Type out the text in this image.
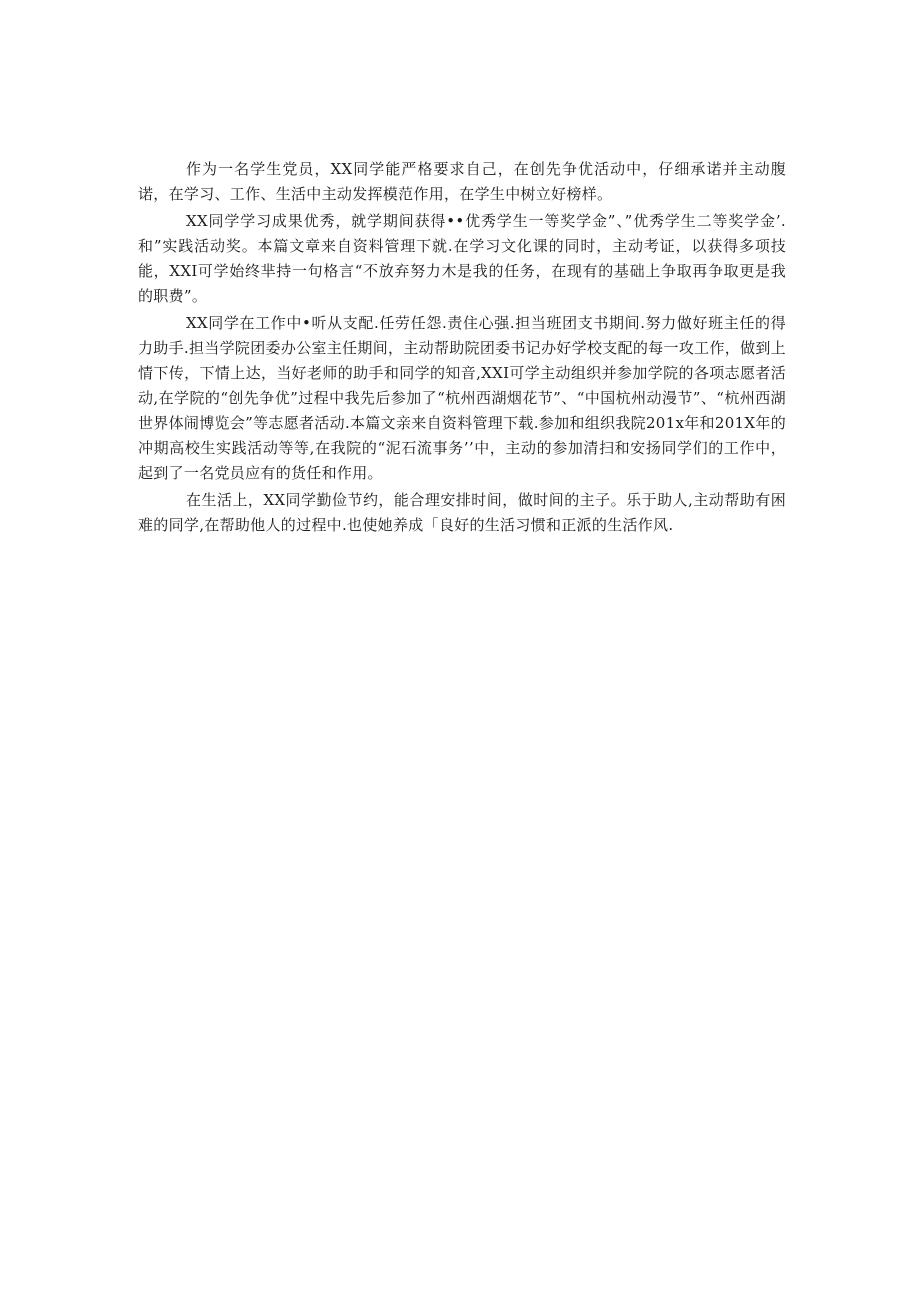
作为一名学生党员，XX同学能严格要求自己，在创先争优活动中，仔细承诺并主动腹诺，在学习、工作、生活中主动发挥模范作用，在学生中树立好榜样。

XX同学学习成果优秀，就学期间获得••优秀学生一等奖学金”、”优秀学生二等奖学金’.和”实践活动奖。本篇文章来自资料管理下就.在学习文化课的同时，主动考证，以获得多项技能，XXI可学始终芈持一句格言“不放弃努力木是我的任务，在现有的基础上争取再争取更是我的职费”。

XX同学在工作中•听从支配.任劳任怨.责住心强.担当班团支书期间.努力做好班主任的得力助手.担当学院团委办公室主任期间，主动帮助院团委书记办好学校支配的每一攻工作，做到上情下传，下情上达，当好老师的助手和同学的知音,XXI可学主动组织并参加学院的各项志愿者活动,在学院的“创先争优”过程中我先后参加了“杭州西湖烟花节”、“中国杭州动漫节”、“杭州西湖世界体闹博览会”等志愿者活动.本篇文亲来自资料管理下载.参加和组织我院201x年和201X年的冲期高校生实践活动等等,在我院的“泥石流事务’’中，主动的参加清扫和安扬同学们的工作中，起到了一名党员应有的货任和作用。

在生活上，XX同学勤俭节约，能合理安排时间，做时间的主子。乐于助人,主动帮助有困难的同学,在帮助他人的过程中.也使她养成「良好的生活习惯和正派的生活作风.
